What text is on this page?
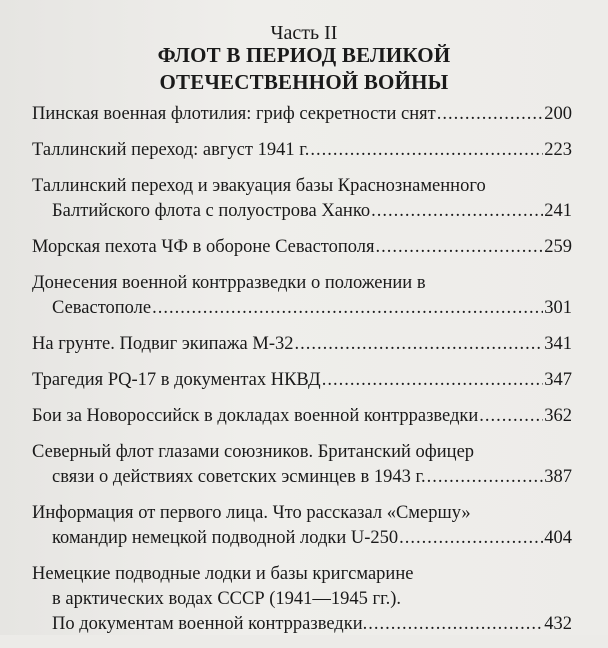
Часть II
ФЛОТ В ПЕРИОД ВЕЛИКОЙ
ОТЕЧЕСТВЕННОЙ ВОЙНЫ
Пинская военная флотилия: гриф секретности снят .....	200
Таллинский переход: август 1941 г. .....	223
Таллинский переход и эвакуация базы Краснознаменного
Балтийского флота с полуострова Ханко .....	241
Морская пехота ЧФ в обороне Севастополя .....	259
Донесения военной контрразведки о положении в
Севастополе .....	301
На грунте. Подвиг экипажа М-32 .....	341
Трагедия PQ-17 в документах НКВД .....	347
Бои за Новороссийск в докладах военной контрразведки .....	362
Северный флот глазами союзников. Британский офицер
связи о действиях советских эсминцев в 1943 г. .....	387
Информация от первого лица. Что рассказал «Смершу»
командир немецкой подводной лодки U-250 .....	404
Немецкие подводные лодки и базы кригсмарине
в арктических водах СССР (1941—1945 гг.).
По документам военной контрразведки. .....	432
